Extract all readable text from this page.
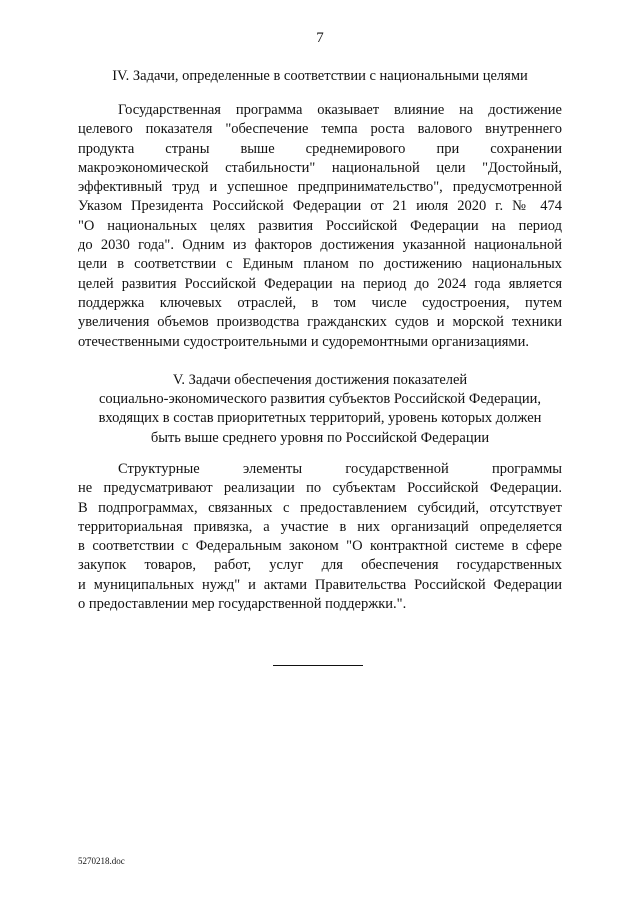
7
IV. Задачи, определенные в соответствии с национальными целями
Государственная программа оказывает влияние на достижение
целевого показателя "обеспечение темпа роста валового внутреннего
продукта страны выше среднемирового при сохранении
макроэкономической стабильности" национальной цели "Достойный,
эффективный труд и успешное предпринимательство", предусмотренной
Указом Президента Российской Федерации от 21 июля 2020 г. № 474
"О национальных целях развития Российской Федерации на период
до 2030 года". Одним из факторов достижения указанной национальной
цели в соответствии с Единым планом по достижению национальных
целей развития Российской Федерации на период до 2024 года является
поддержка ключевых отраслей, в том числе судостроения, путем
увеличения объемов производства гражданских судов и морской техники
отечественными судостроительными и судоремонтными организациями.
V. Задачи обеспечения достижения показателей
социально-экономического развития субъектов Российской Федерации,
входящих в состав приоритетных территорий, уровень которых должен
быть выше среднего уровня по Российской Федерации
Структурные элементы государственной программы
не предусматривают реализации по субъектам Российской Федерации.
В подпрограммах, связанных с предоставлением субсидий, отсутствует
территориальная привязка, а участие в них организаций определяется
в соответствии с Федеральным законом "О контрактной системе в сфере
закупок товаров, работ, услуг для обеспечения государственных
и муниципальных нужд" и актами Правительства Российской Федерации
о предоставлении мер государственной поддержки.".
5270218.doc
